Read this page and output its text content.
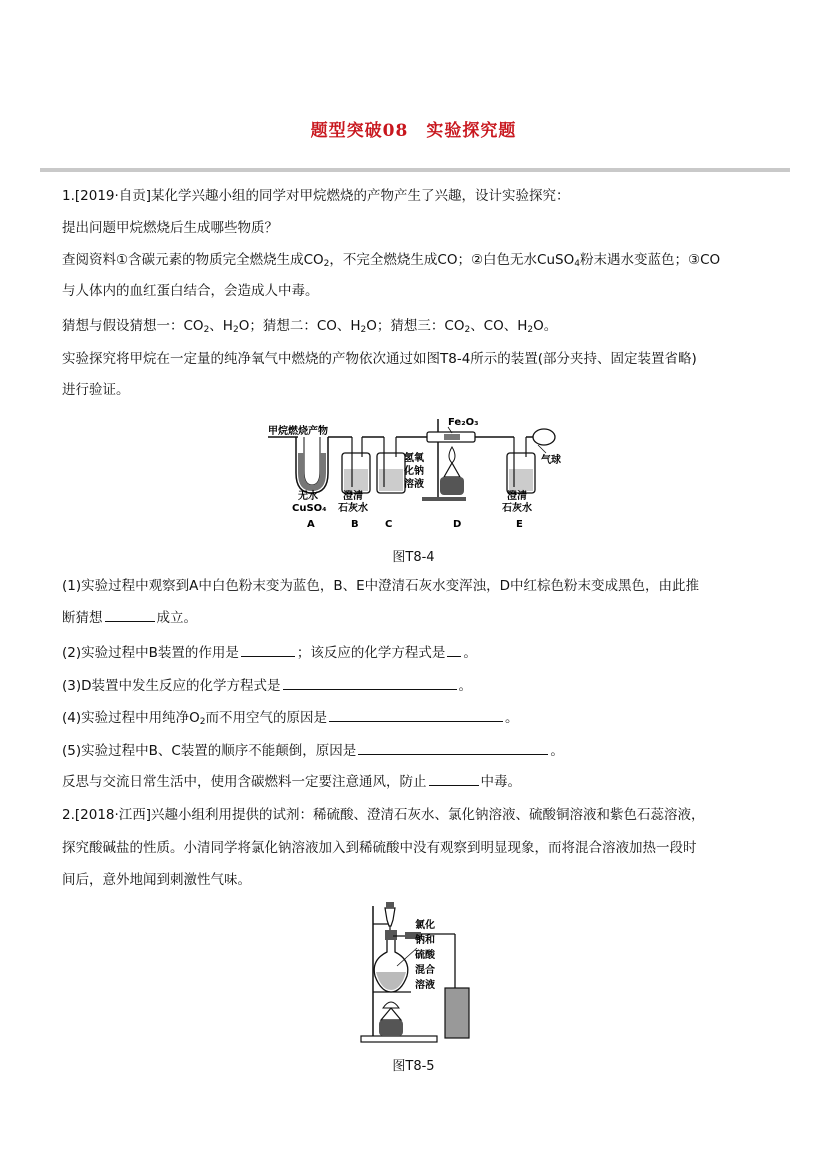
题型突破08　实验探究题
1.[2019·自贡]某化学兴趣小组的同学对甲烷燃烧的产物产生了兴趣，设计实验探究：
提出问题甲烷燃烧后生成哪些物质？
查阅资料①含碳元素的物质完全燃烧生成$CO_2$，不完全燃烧生成CO；②白色无水CuSO$_4$粉末遇水变蓝色；③CO
与人体内的血红蛋白结合，会造成人中毒。
猜想与假设猜想一：$CO_2$、$H_2O$；猜想二：CO、$H_2O$；猜想三：$CO_2$、CO、$H_2O$。
实验探究将甲烷在一定量的纯净氧气中燃烧的产物依次通过如图T8-4所示的装置(部分夹持、固定装置省略)
进行验证。
甲烷燃烧产物
氢氧
化钠
溶液
Fe₂O₃
气球
无水
CuSO₄
澄清
石灰水
澄清
石灰水
A	B	C	D	E
图T8-4
(1)实验过程中观察到A中白色粉末变为蓝色，B、E中澄清石灰水变浑浊，D中红棕色粉末变成黑色，由此推
断猜想	成立。
(2)实验过程中B装置的作用是	；该反应的化学方程式是 。
(3)D装置中发生反应的化学方程式是	。
(4)实验过程中用纯净$O_2$而不用空气的原因是	。
(5)实验过程中B、C装置的顺序不能颠倒，原因是	。
反思与交流日常生活中，使用含碳燃料一定要注意通风，防止	中毒。
2.[2018·江西]兴趣小组利用提供的试剂：稀硫酸、澄清石灰水、氯化钠溶液、硫酸铜溶液和紫色石蕊溶液，
探究酸碱盐的性质。小清同学将氯化钠溶液加入到稀硫酸中没有观察到明显现象，而将混合溶液加热一段时
间后，意外地闻到刺激性气味。
氯化
钠和
硫酸
混合
溶液
图T8-5
